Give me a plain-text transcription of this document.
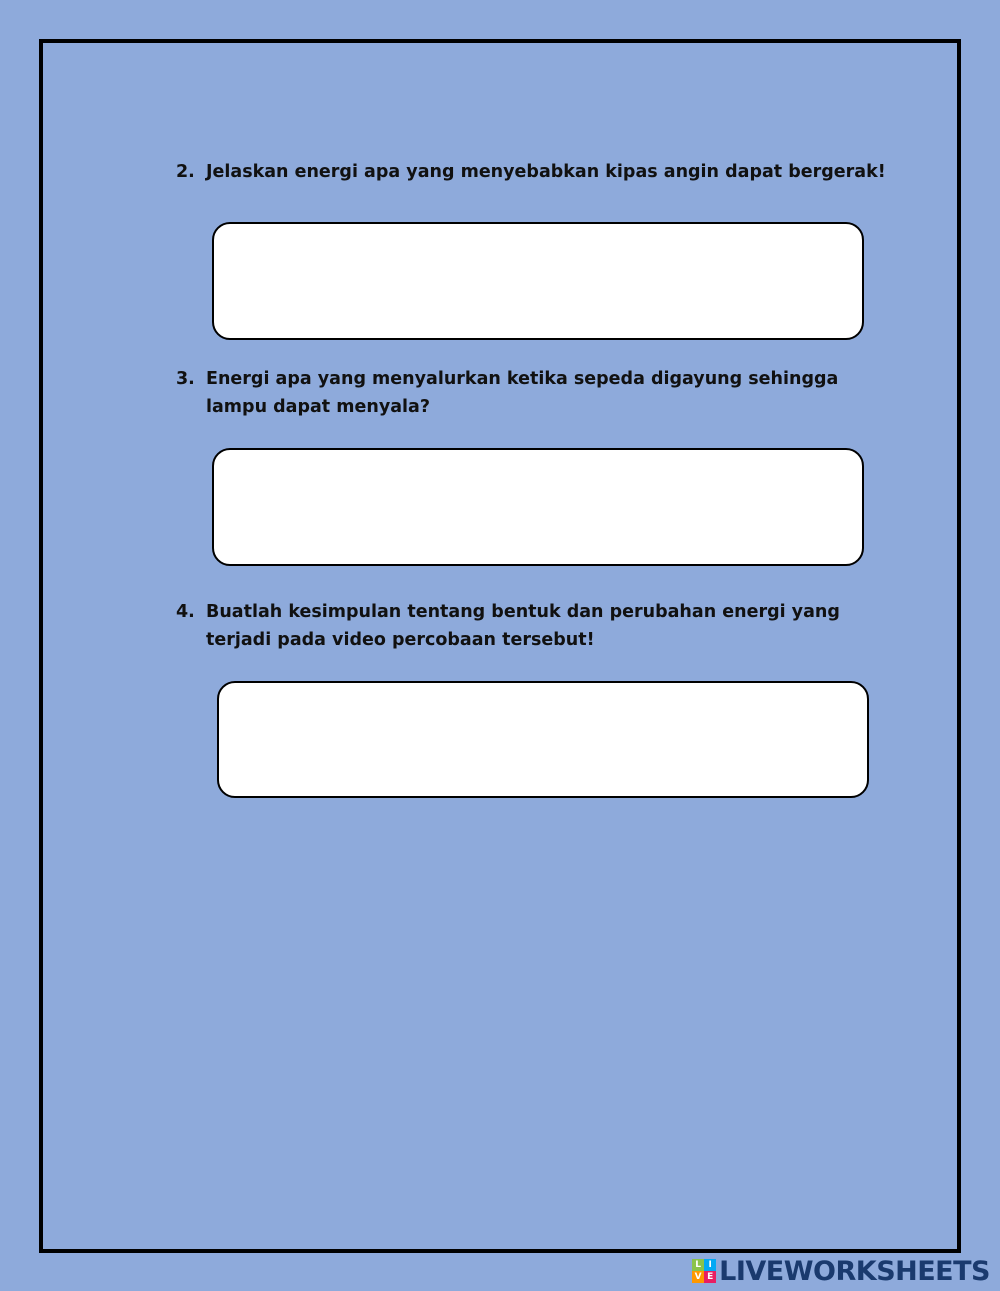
2. Jelaskan energi apa yang menyebabkan kipas angin dapat bergerak!
3. Energi apa yang menyalurkan ketika sepeda digayung sehingga lampu dapat menyala?
4. Buatlah kesimpulan tentang bentuk dan perubahan energi yang terjadi pada video percobaan tersebut!
L I
V E LIVEWORKSHEETS
